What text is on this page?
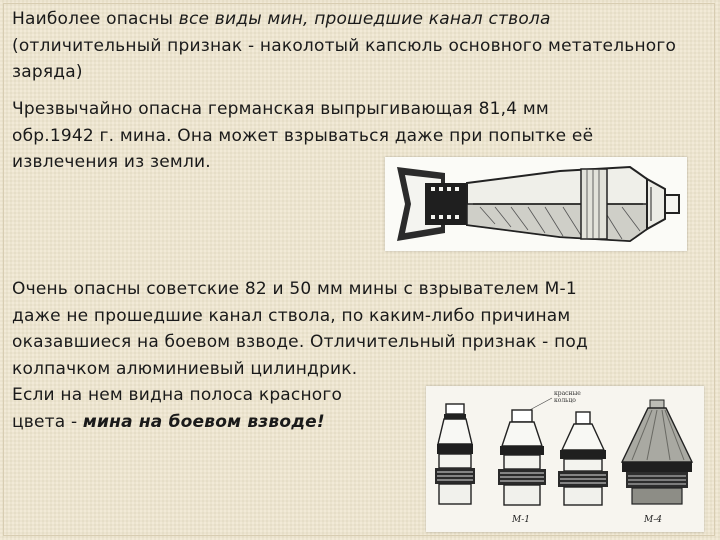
Наиболее опасны все виды мин, прошедшие канал ствола (отличительный признак - наколотый капсюль основного метательного заряда)
Чрезвычайно опасна германская выпрыгивающая 81,4 мм
обр.1942 г. мина. Она может взрываться даже при попытке её
извлечения из земли.
Очень опасны советские 82 и 50 мм мины с взрывателем М-1
даже не прошедшие канал ствола, по каким-либо причинам
оказавшиеся на боевом взводе. Отличительный признак - под
колпачком алюминиевый цилиндрик.
Если на нем видна полоса красного
цвета - мина на боевом взводе!
красные
кольцо
М-1	М-4
